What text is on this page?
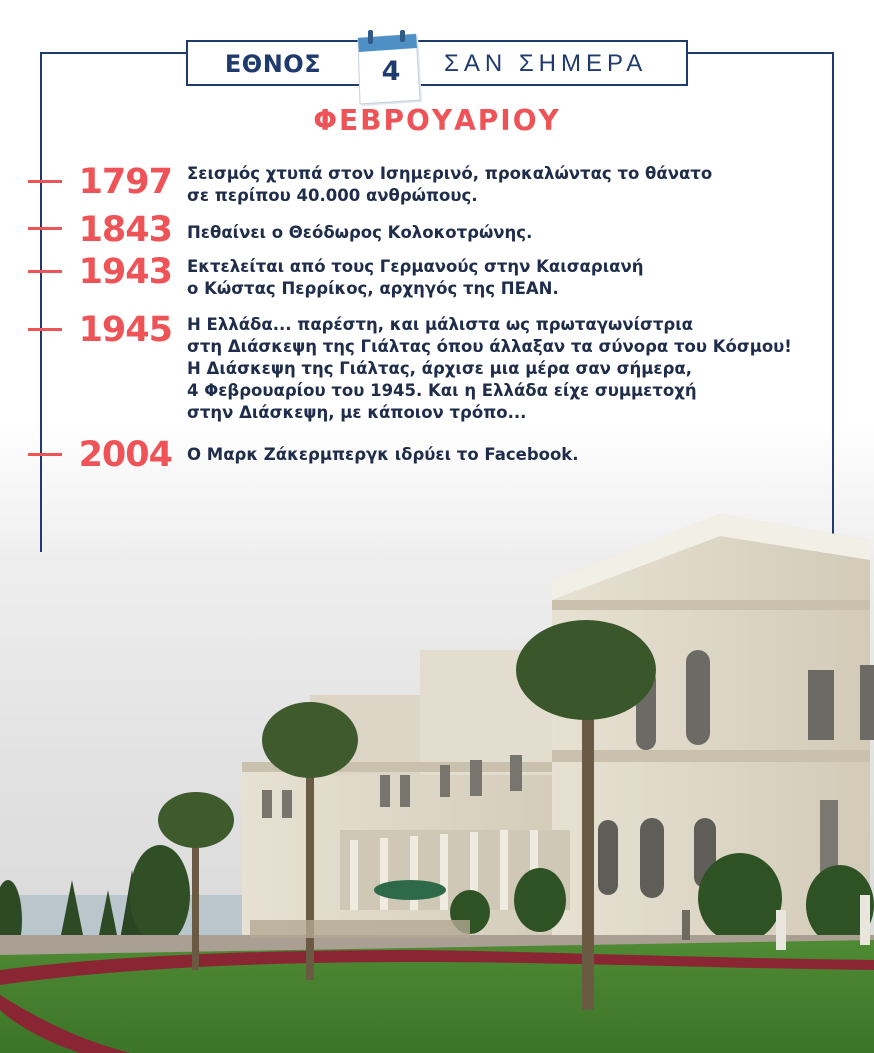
ΕΘΝΟΣ	ΣΑΝ ΣΗΜΕΡΑ
4
ΦΕΒΡΟΥΑΡΙΟΥ
1797 Σεισμός χτυπά στον Ισημερινό, προκαλώντας το θάνατο
σε περίπου 40.000 ανθρώπους.
1843 Πεθαίνει ο Θεόδωρος Κολοκοτρώνης.
1943 Εκτελείται από τους Γερμανούς στην Καισαριανή
ο Κώστας Περρίκος, αρχηγός της ΠΕΑΝ.
1945 Η Ελλάδα... παρέστη, και μάλιστα ως πρωταγωνίστρια
στη Διάσκεψη της Γιάλτας όπου άλλαξαν τα σύνορα του Κόσμου!
Η Διάσκεψη της Γιάλτας, άρχισε μια μέρα σαν σήμερα,
4 Φεβρουαρίου του 1945. Και η Ελλάδα είχε συμμετοχή
στην Διάσκεψη, με κάποιον τρόπο...
2004 Ο Μαρκ Ζάκερμπεργκ ιδρύει το Facebook.
